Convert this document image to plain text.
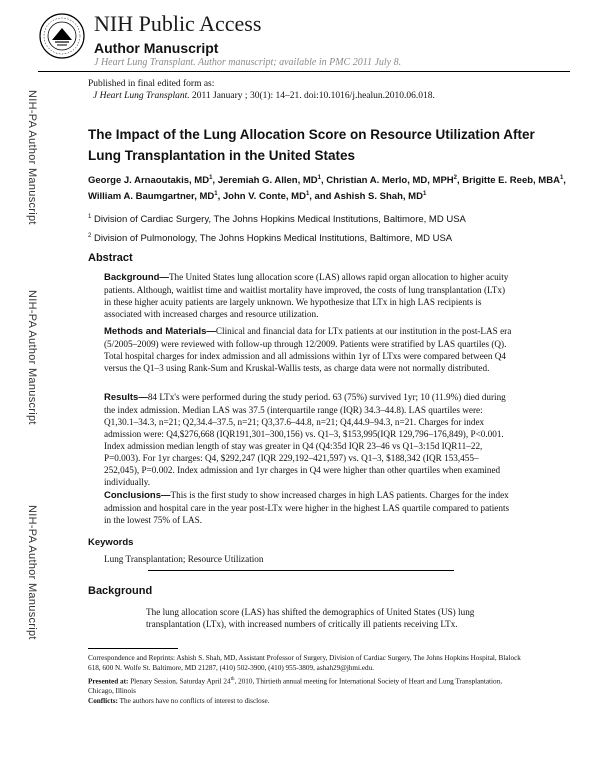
NIH Public Access
Author Manuscript
J Heart Lung Transplant. Author manuscript; available in PMC 2011 July 8.
NIH-PA Author Manuscript
NIH-PA Author Manuscript
NIH-PA Author Manuscript
Published in final edited form as:
J Heart Lung Transplant. 2011 January ; 30(1): 14–21. doi:10.1016/j.healun.2010.06.018.
The Impact of the Lung Allocation Score on Resource Utilization After Lung Transplantation in the United States
George J. Arnaoutakis, $MD^1$, Jeremiah G. Allen, $MD^1$, Christian A. Merlo, MD, MPH$^2$, Brigitte E. Reeb, MBA$^1$, William A. Baumgartner, $MD^1$, John V. Conte, $MD^1$, and Ashish S. Shah, $MD^1$
$^1$ Division of Cardiac Surgery, The Johns Hopkins Medical Institutions, Baltimore, MD USA
$^2$ Division of Pulmonology, The Johns Hopkins Medical Institutions, Baltimore, MD USA
Abstract
Background—The United States lung allocation score (LAS) allows rapid organ allocation to higher acuity patients. Although, waitlist time and waitlist mortality have improved, the costs of lung transplantation (LTx) in these higher acuity patients are largely unknown. We hypothesize that LTx in high LAS recipients is associated with increased charges and resource utilization.
Methods and Materials—Clinical and financial data for LTx patients at our institution in the post-LAS era (5/2005–2009) were reviewed with follow-up through 12/2009. Patients were stratified by LAS quartiles (Q). Total hospital charges for index admission and all admissions within 1yr of LTxs were compared between Q4 versus the Q1–3 using Rank-Sum and Kruskal-Wallis tests, as charge data were not normally distributed.
Results—84 LTx's were performed during the study period. 63 (75%) survived 1yr; 10 (11.9%) died during the index admission. Median LAS was 37.5 (interquartile range (IQR) 34.3–44.8). LAS quartiles were: Q1,30.1–34.3, n=21; Q2,34.4–37.5, n=21; Q3,37.6–44.8, n=21; Q4,44.9–94.3, n=21. Charges for index admission were: Q4,$276,668 (IQR191,301–300,156) vs. Q1–3, $153,995(IQR 129,796–176,849), P<0.001. Index admission median length of stay was greater in Q4 (Q4:35d IQR 23–46 vs Q1–3:15d IQR11–22, P=0.003). For 1yr charges: Q4, $292,247 (IQR 229,192–421,597) vs. Q1–3, $188,342 (IQR 153,455–252,045), P=0.002. Index admission and 1yr charges in Q4 were higher than other quartiles when examined individually.
Conclusions—This is the first study to show increased charges in high LAS patients. Charges for the index admission and hospital care in the year post-LTx were higher in the highest LAS quartile compared to patients in the lowest 75% of LAS.
Keywords
Lung Transplantation; Resource Utilization
Background
The lung allocation score (LAS) has shifted the demographics of United States (US) lung transplantation (LTx), with increased numbers of critically ill patients receiving LTx.
Correspondence and Reprints: Ashish S. Shah, MD, Assistant Professor of Surgery, Division of Cardiac Surgery, The Johns Hopkins Hospital, Blalock 618, 600 N. Wolfe St. Baltimore, MD 21287, (410) 502-3900, (410) 955-3809, ashah29@jhmi.edu.
Presented at: Plenary Session, Saturday April 24th, 2010, Thirtieth annual meeting for International Society of Heart and Lung Transplantation, Chicago, Illinois
Conflicts: The authors have no conflicts of interest to disclose.
